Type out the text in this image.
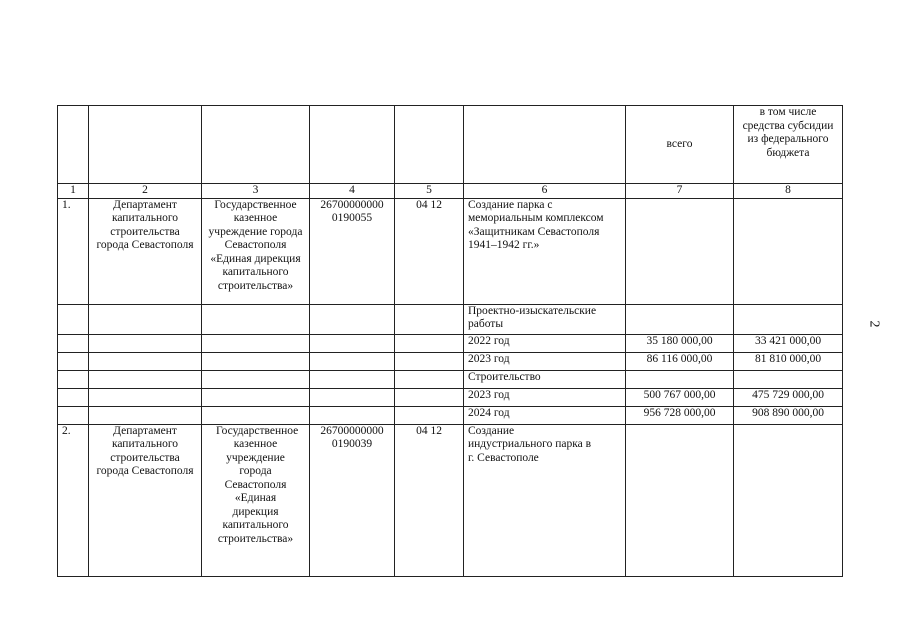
						всего	в том числе средства субсидии из федерального бюджета
1	2	3	4	5	6	7	8
1.	Департамент капитального строительства города Севастополя	Государственное казенное учреждение города Севастополя «Единая дирекция капитального строительства»	26700000000 0190055	04 12	Создание парка с мемориальным комплексом «Защитникам Севастополя 1941–1942 гг.»		
					Проектно-изыскательские работы		
					2022 год	35 180 000,00	33 421 000,00
					2023 год	86 116 000,00	81 810 000,00
					Строительство		
					2023 год	500 767 000,00	475 729 000,00
					2024 год	956 728 000,00	908 890 000,00
2.	Департамент капитального строительства города Севастополя	Государственное казенное учреждение города Севастополя «Единая дирекция капитального строительства»	26700000000 0190039	04 12	Создание индустриального парка в г. Севастополе		
2
